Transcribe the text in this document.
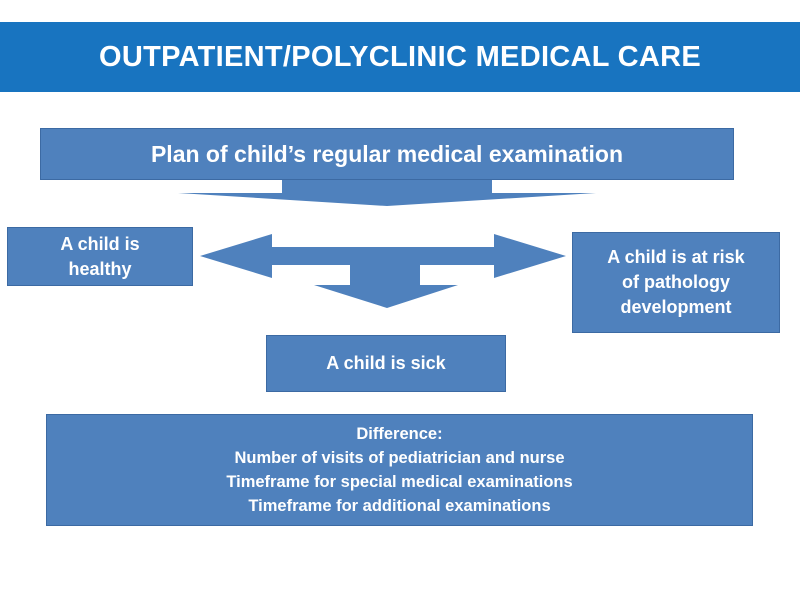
OUTPATIENT/POLYCLINIC MEDICAL CARE
Plan of child’s regular medical examination
A child is
healthy
A child is at risk
of pathology
development
A child is sick
Difference:
Number of visits of pediatrician and nurse
Timeframe for special medical examinations
Timeframe for additional examinations
